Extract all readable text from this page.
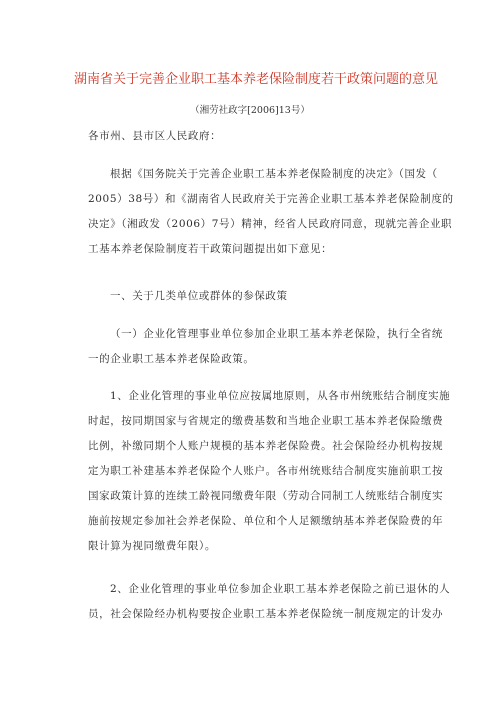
湖南省关于完善企业职工基本养老保险制度若干政策问题的意见
（湘劳社政字[2006]13号）
各市州、县市区人民政府：
根据《国务院关于完善企业职工基本养老保险制度的决定》（国发（
2005）38号）和《湖南省人民政府关于完善企业职工基本养老保险制度的
决定》（湘政发（2006）7号）精神，经省人民政府同意，现就完善企业职
工基本养老保险制度若干政策问题提出如下意见：
一、关于几类单位或群体的参保政策
（一）企业化管理事业单位参加企业职工基本养老保险，执行全省统
一的企业职工基本养老保险政策。
1、企业化管理的事业单位应按属地原则，从各市州统账结合制度实施
时起，按同期国家与省规定的缴费基数和当地企业职工基本养老保险缴费
比例，补缴同期个人账户规模的基本养老保险费。社会保险经办机构按规
定为职工补建基本养老保险个人账户。各市州统账结合制度实施前职工按
国家政策计算的连续工龄视同缴费年限（劳动合同制工人统账结合制度实
施前按规定参加社会养老保险、单位和个人足额缴纳基本养老保险费的年
限计算为视同缴费年限）。
2、企业化管理的事业单位参加企业职工基本养老保险之前已退休的人
员，社会保险经办机构要按企业职工基本养老保险统一制度规定的计发办
